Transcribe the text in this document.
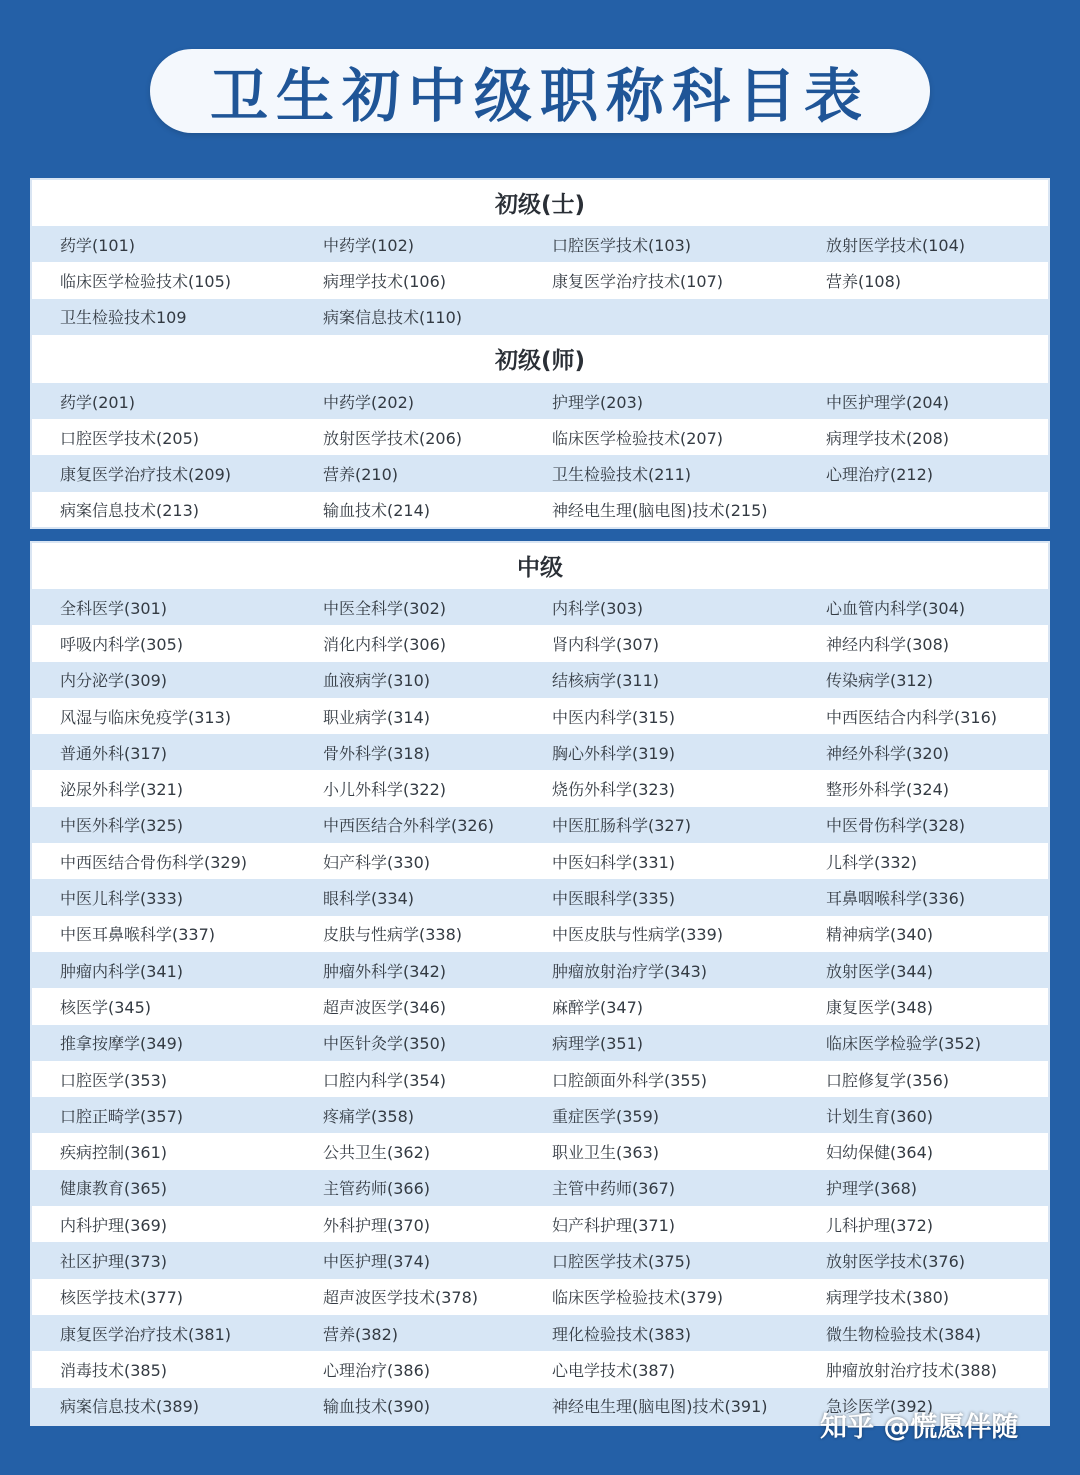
卫生初中级职称科目表
初级(士)
药学(101)	中药学(102)	口腔医学技术(103)	放射医学技术(104)
临床医学检验技术(105)	病理学技术(106)	康复医学治疗技术(107)	营养(108)
卫生检验技术109	病案信息技术(110)
初级(师)
药学(201)	中药学(202)	护理学(203)	中医护理学(204)
口腔医学技术(205)	放射医学技术(206)	临床医学检验技术(207)	病理学技术(208)
康复医学治疗技术(209)	营养(210)	卫生检验技术(211)	心理治疗(212)
病案信息技术(213)	输血技术(214)	神经电生理(脑电图)技术(215)
中级
全科医学(301)	中医全科学(302)	内科学(303)	心血管内科学(304)
呼吸内科学(305)	消化内科学(306)	肾内科学(307)	神经内科学(308)
内分泌学(309)	血液病学(310)	结核病学(311)	传染病学(312)
风湿与临床免疫学(313)	职业病学(314)	中医内科学(315)	中西医结合内科学(316)
普通外科(317)	骨外科学(318)	胸心外科学(319)	神经外科学(320)
泌尿外科学(321)	小儿外科学(322)	烧伤外科学(323)	整形外科学(324)
中医外科学(325)	中西医结合外科学(326)	中医肛肠科学(327)	中医骨伤科学(328)
中西医结合骨伤科学(329)	妇产科学(330)	中医妇科学(331)	儿科学(332)
中医儿科学(333)	眼科学(334)	中医眼科学(335)	耳鼻咽喉科学(336)
中医耳鼻喉科学(337)	皮肤与性病学(338)	中医皮肤与性病学(339)	精神病学(340)
肿瘤内科学(341)	肿瘤外科学(342)	肿瘤放射治疗学(343)	放射医学(344)
核医学(345)	超声波医学(346)	麻醉学(347)	康复医学(348)
推拿按摩学(349)	中医针灸学(350)	病理学(351)	临床医学检验学(352)
口腔医学(353)	口腔内科学(354)	口腔颌面外科学(355)	口腔修复学(356)
口腔正畸学(357)	疼痛学(358)	重症医学(359)	计划生育(360)
疾病控制(361)	公共卫生(362)	职业卫生(363)	妇幼保健(364)
健康教育(365)	主管药师(366)	主管中药师(367)	护理学(368)
内科护理(369)	外科护理(370)	妇产科护理(371)	儿科护理(372)
社区护理(373)	中医护理(374)	口腔医学技术(375)	放射医学技术(376)
核医学技术(377)	超声波医学技术(378)	临床医学检验技术(379)	病理学技术(380)
康复医学治疗技术(381)	营养(382)	理化检验技术(383)	微生物检验技术(384)
消毒技术(385)	心理治疗(386)	心电学技术(387)	肿瘤放射治疗技术(388)
病案信息技术(389)	输血技术(390)	神经电生理(脑电图)技术(391)	急诊医学(392)
知乎 @慌愿伴随
